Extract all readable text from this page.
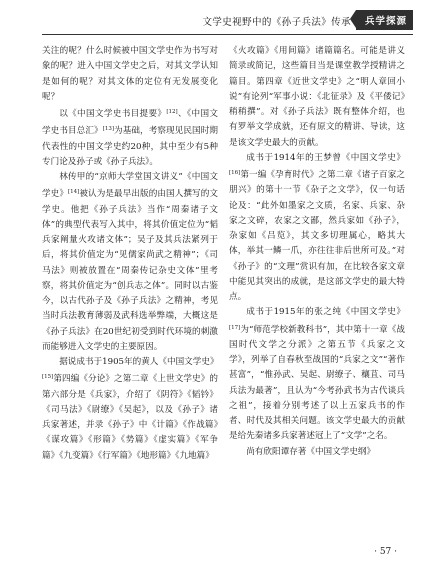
文学史视野中的《孙子兵法》传承	兵学探源

关注的呢？什么时候被中国文学史作为书写对象的呢？进入中国文学史之后，对其文学认知是如何的呢？对其文体的定位有无发展变化呢？

以《中国文学史书目提要》[12]、《中国文学史书目总汇》[13]为基础，考察现见民国时期代表性的中国文学史约20种，其中至少有5种专门论及孙子或《孙子兵法》。

林传甲的“京师大学堂国文讲义”《中国文学史》[14]被认为是最早出版的由国人撰写的文学史。他把《孙子兵法》当作“周秦诸子文体”的典型代表写入其中，将其价值定位为“韬兵家阐量火攻诸文体”；吴子及其兵法紧列于后，将其价值定为“见儒家尚武之精神”；《司马法》则被放置在“周秦传记杂史文体”里考察，将其价值定为“创兵志之体”。同时以古鉴今，以古代孙子及《孙子兵法》之精神，考见当时兵法教育薄弱及武科选举弊端，大概这是《孙子兵法》在20世纪初受到时代环境的刺激而能够进入文学史的主要原因。

据说成书于1905年的黄人《中国文学史》[15]第四编《分论》之第二章《上世文学史》的第六部分是《兵家》，介绍了《阴符》《韬钤》《司马法》《尉缭》《吴起》，以及《孙子》诸兵家著述，并录《孙子》中《计篇》《作战篇》《谋攻篇》《形篇》《势篇》《虚实篇》《军争篇》《九变篇》《行军篇》《地形篇》《九地篇》

《火攻篇》《用间篇》诸篇篇名。可能是讲义简录或简记，这些篇目当是课堂教学授精讲之篇目。第四章《近世文学史》之“明人章回小说”有论列“军事小说：《北征录》及《平倭记》稍稍撰”。对《孙子兵法》既有整体介绍，也有罗举文学成就，还有原文的精讲、导读，这是该文学史最大的贡献。

成书于1914年的王梦曾《中国文学史》[16]第一编《孕育时代》之第二章《诸子百家之朋兴》的第十一节《杂子之文学》，仅一句话论及：“此外如墨家之文质，名家、兵家、杂家之文碎，农家之文鄙，然兵家如《孙子》，杂家如《吕览》，其文多切理属心，略其大体，举其一鳞一爪，亦往往非后世所可及。”对《孙子》的“文理”赏识有加，在比较各家文章中能见其突出的成就，是这部文学史的最大特点。

成书于1915年的张之纯《中国文学史》[17]为“师范学校新教科书”，其中第十一章《战国时代文学之分派》之第五节《兵家之文学》，列举了自春秋至战国的“兵家之文”“著作甚富”，“惟孙武、吴起、尉缭子、穰苴、司马兵法为最著”，且认为“今考孙武书为古代谈兵之祖”，接着分别考述了以上五家兵书的作者、时代及其相关问题。该文学史最大的贡献是给先秦诸多兵家著述冠上了“文学”之名。

尚有欣阳谭存著《中国文学史纲》

· 57 ·
